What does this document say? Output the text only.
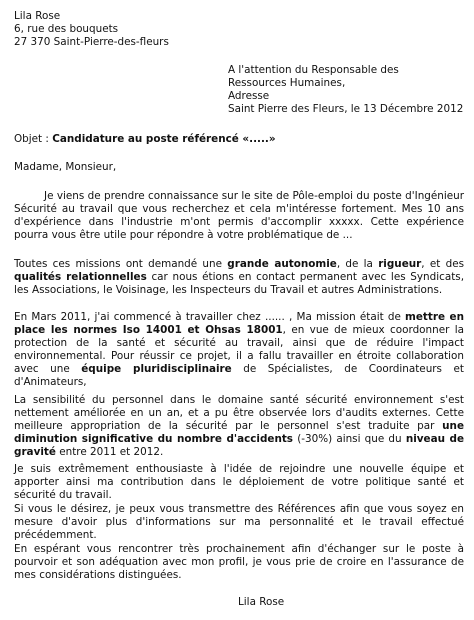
Lila Rose
6, rue des bouquets
27 370 Saint-Pierre-des-fleurs
A l'attention du Responsable des
Ressources Humaines,
Adresse
Saint Pierre des Fleurs, le 13 Décembre 2012
Objet : Candidature au poste référencé «.....»
Madame, Monsieur,
Je viens de prendre connaissance sur le site de Pôle-emploi du poste d'Ingénieur Sécurité au travail que vous recherchez et cela m'intéresse fortement. Mes 10 ans d'expérience dans l'industrie m'ont permis d'accomplir xxxxx. Cette expérience pourra vous être utile pour répondre à votre problématique de ...
Toutes ces missions ont demandé une grande autonomie, de la rigueur, et des qualités relationnelles car nous étions en contact permanent avec les Syndicats, les Associations, le Voisinage, les Inspecteurs du Travail et autres Administrations.
En Mars 2011, j'ai commencé à travailler chez ...... , Ma mission était de mettre en place les normes Iso 14001 et Ohsas 18001, en vue de mieux coordonner la protection de la santé et sécurité au travail, ainsi que de réduire l'impact environnemental. Pour réussir ce projet, il a fallu travailler en étroite collaboration avec une équipe pluridisciplinaire de Spécialistes, de Coordinateurs et d'Animateurs,
La sensibilité du personnel dans le domaine santé sécurité environnement s'est nettement améliorée en un an, et a pu être observée lors d'audits externes. Cette meilleure appropriation de la sécurité par le personnel s'est traduite par une diminution significative du nombre d'accidents (-30%) ainsi que du niveau de gravité entre 2011 et 2012.
Je suis extrêmement enthousiaste à l'idée de rejoindre une nouvelle équipe et apporter ainsi ma contribution dans le déploiement de votre politique santé et sécurité du travail.
Si vous le désirez, je peux vous transmettre des Références afin que vous soyez en mesure d'avoir plus d'informations sur ma personnalité et le travail effectué précédemment.
En espérant vous rencontrer très prochainement afin d'échanger sur le poste à pourvoir et son adéquation avec mon profil, je vous prie de croire en l'assurance de mes considérations distinguées.
Lila Rose
